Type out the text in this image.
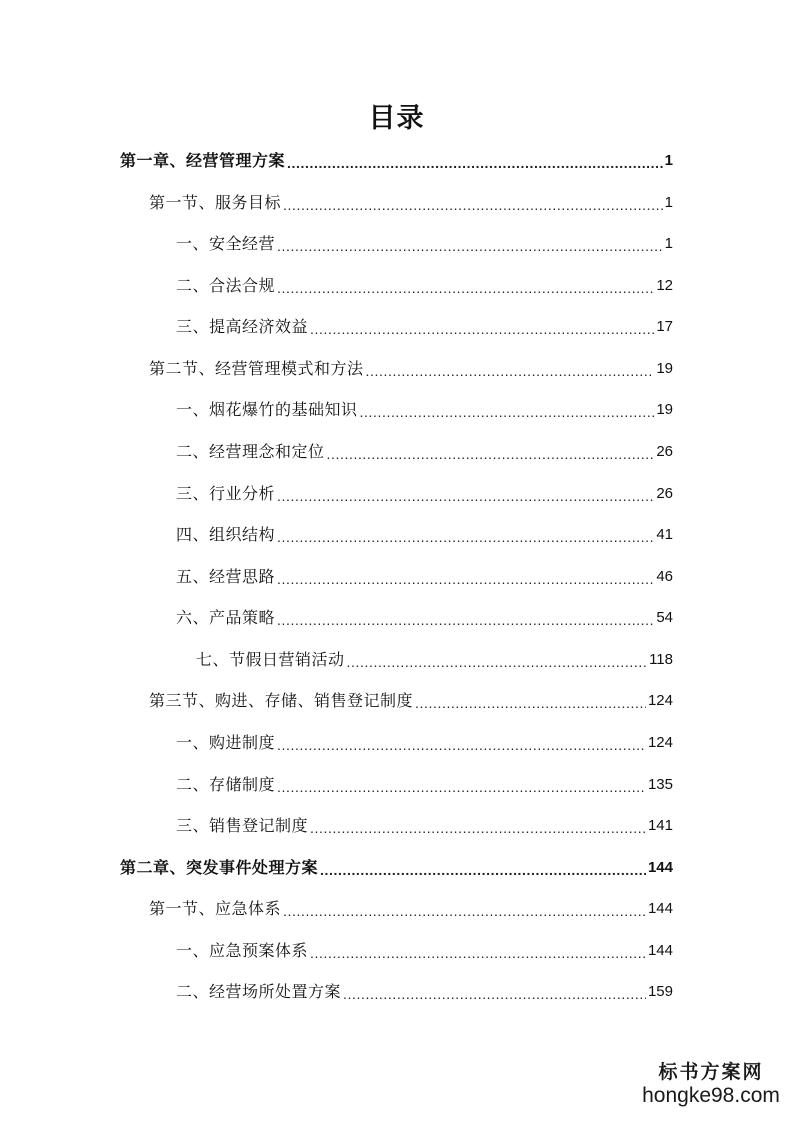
目录
第一章、经营管理方案 .....	1
第一节、服务目标 .....	1
一、安全经营 .....	1
二、合法合规 .....	12
三、提高经济效益 .....	17
第二节、经营管理模式和方法 .....	19
一、烟花爆竹的基础知识 .....	19
二、经营理念和定位 .....	26
三、行业分析 .....	26
四、组织结构 .....	41
五、经营思路 .....	46
六、产品策略 .....	54
七、节假日营销活动 .....	118
第三节、购进、存储、销售登记制度 .....	124
一、购进制度 .....	124
二、存储制度 .....	135
三、销售登记制度 .....	141
第二章、突发事件处理方案 .....	144
第一节、应急体系 .....	144
一、应急预案体系 .....	144
二、经营场所处置方案 .....	159
标书方案网
hongke98.com
